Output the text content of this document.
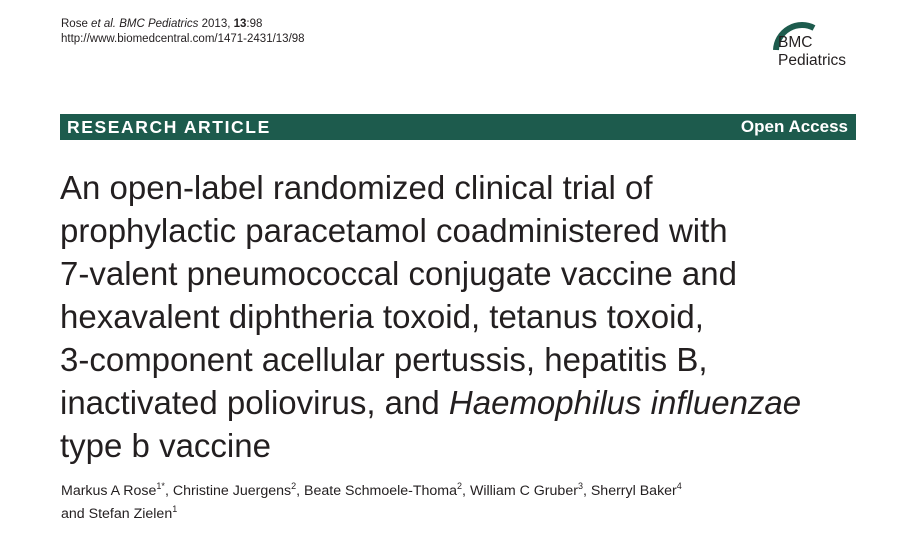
Rose et al. BMC Pediatrics 2013, 13:98
http://www.biomedcentral.com/1471-2431/13/98	BMC
Pediatrics
RESEARCH ARTICLE	Open Access
An open-label randomized clinical trial of
prophylactic paracetamol coadministered with
7-valent pneumococcal conjugate vaccine and
hexavalent diphtheria toxoid, tetanus toxoid,
3-component acellular pertussis, hepatitis B,
inactivated poliovirus, and Haemophilus influenzae
type b vaccine
Markus A Rose$^{1*}$, Christine Juergens$^2$, Beate Schmoele-Thoma$^2$, William C Gruber$^3$, Sherryl Baker$^4$
and Stefan Zielen$^1$
